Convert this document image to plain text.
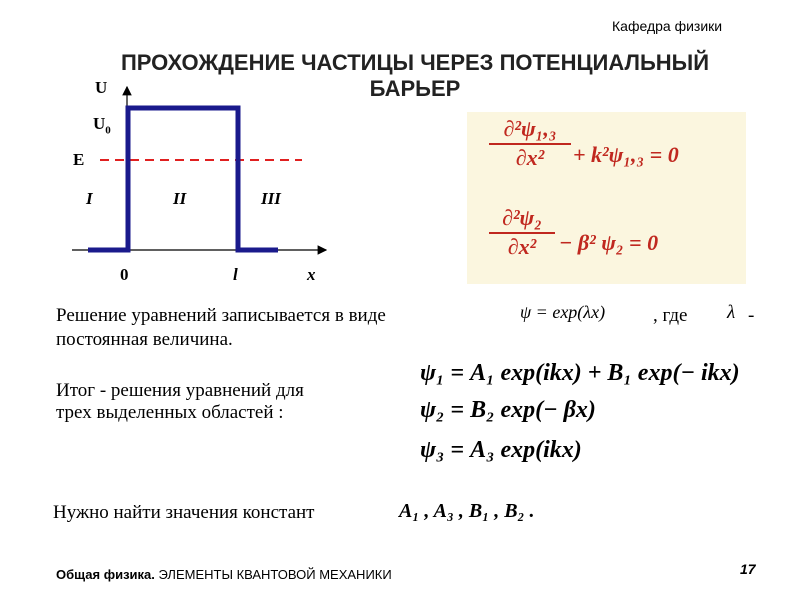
Кафедра физики
ПРОХОЖДЕНИЕ ЧАСТИЦЫ ЧЕРЕЗ ПОТЕНЦИАЛЬНЫЙ
БАРЬЕР
U
$U_0$
E
I	II	III
0	l	x
$\frac{\text{∂²ψ₁,₃}}{\text{∂x²}} + k^2\psi_1,_3 = 0$
$\frac{\text{∂²ψ₂}}{\text{∂x²}} - \beta^2$ ψ₂ = 0
Решение уравнений записывается в виде	ψ = exp(λx)	, где λ -
постоянная величина.
Итог - решения уравнений для
трех выделенных областей :
ψ₁ = A₁ exp(ikx) + B₁ exp(− ikx)
ψ₂ = B₂ exp(− βx)
ψ₃ = A₃ exp(ikx)
Нужно найти значения констант	A₁ , A₃ , B₁ , B₂ .
Общая физика. ЭЛЕМЕНТЫ КВАНТОВОЙ МЕХАНИКИ	17
